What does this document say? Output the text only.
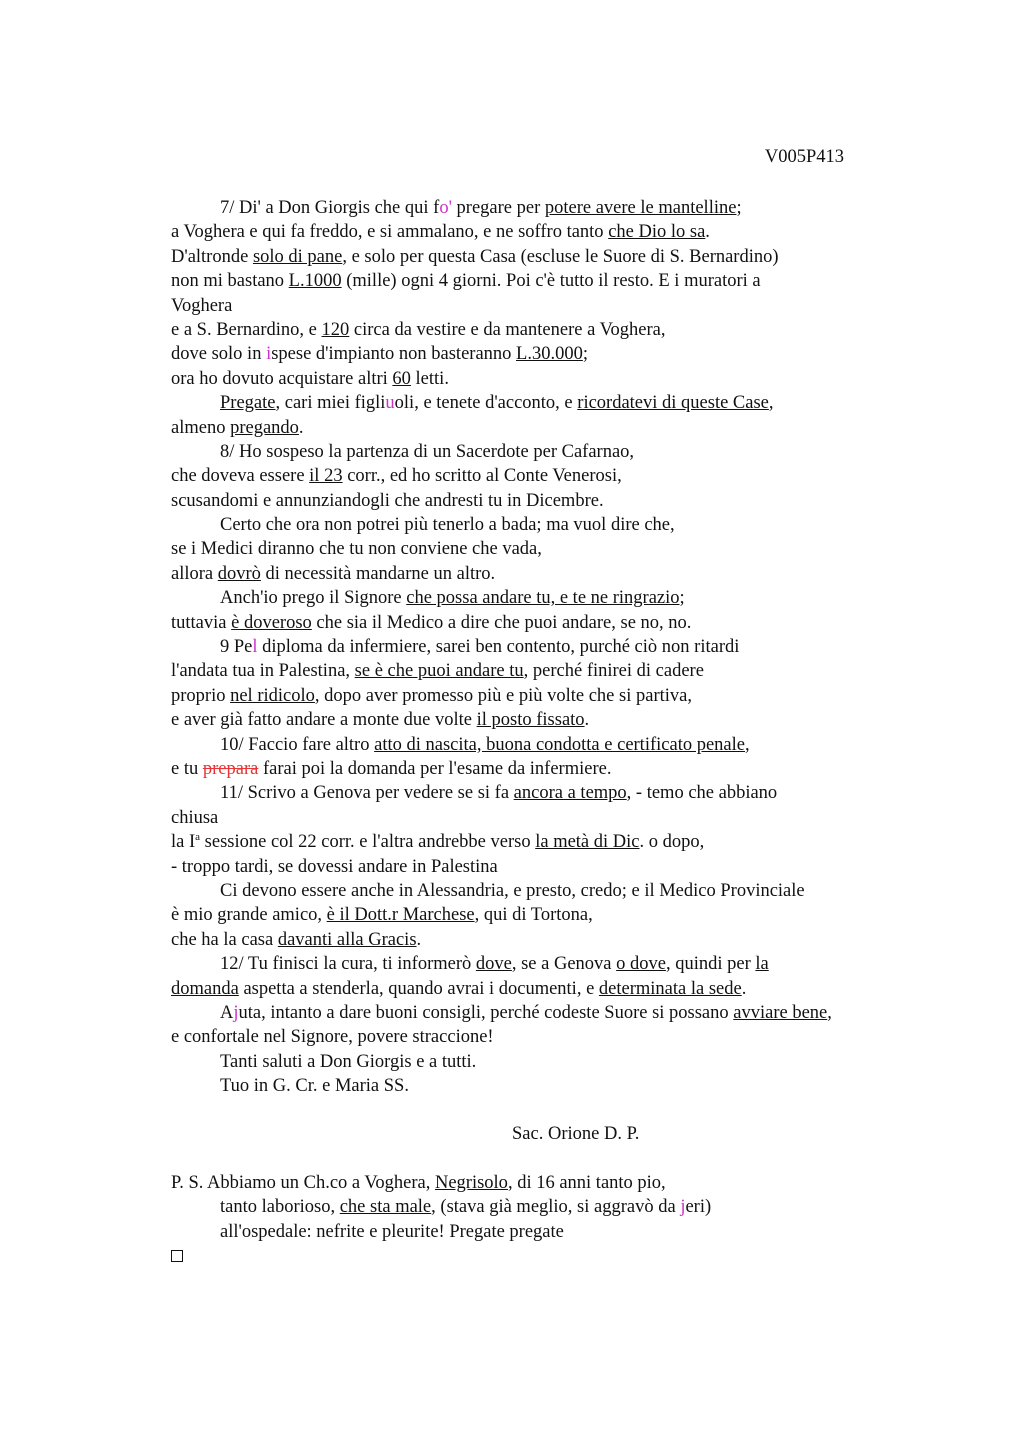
V005P413
7/ Di' a Don Giorgis che qui fo' pregare per potere avere le mantelline;
a Voghera e qui fa freddo, e si ammalano, e ne soffro tanto che Dio lo sa.
D'altronde solo di pane, e solo per questa Casa (escluse le Suore di S. Bernardino)
non mi bastano L.1000 (mille) ogni 4 giorni. Poi c'è tutto il resto. E i muratori a
Voghera
e a S. Bernardino, e 120 circa da vestire e da mantenere a Voghera,
dove solo in ispese d'impianto non basteranno L.30.000;
ora ho dovuto acquistare altri 60 letti.
Pregate, cari miei figliuoli, e tenete d'acconto, e ricordatevi di queste Case,
almeno pregando.
8/ Ho sospeso la partenza di un Sacerdote per Cafarnao,
che doveva essere il 23 corr., ed ho scritto al Conte Venerosi,
scusandomi e annunziandogli che andresti tu in Dicembre.
Certo che ora non potrei più tenerlo a bada; ma vuol dire che,
se i Medici diranno che tu non conviene che vada,
allora dovrò di necessità mandarne un altro.
Anch'io prego il Signore che possa andare tu, e te ne ringrazio;
tuttavia è doveroso che sia il Medico a dire che puoi andare, se no, no.
9 Pel diploma da infermiere, sarei ben contento, purché ciò non ritardi
l'andata tua in Palestina, se è che puoi andare tu, perché finirei di cadere
proprio nel ridicolo, dopo aver promesso più e più volte che si partiva,
e aver già fatto andare a monte due volte il posto fissato.
10/ Faccio fare altro atto di nascita, buona condotta e certificato penale,
e tu prepara farai poi la domanda per l'esame da infermiere.
11/ Scrivo a Genova per vedere se si fa ancora a tempo, - temo che abbiano
chiusa
la $I^a$ sessione col 22 corr. e l'altra andrebbe verso la metà di Dic. o dopo,
- troppo tardi, se dovessi andare in Palestina
Ci devono essere anche in Alessandria, e presto, credo; e il Medico Provinciale
è mio grande amico, è il Dott.r Marchese, qui di Tortona,
che ha la casa davanti alla Gracis.
12/ Tu finisci la cura, ti informerò dove, se a Genova o dove, quindi per la
domanda aspetta a stenderla, quando avrai i documenti, e determinata la sede.
Ajuta, intanto a dare buoni consigli, perché codeste Suore si possano avviare bene,
e confortale nel Signore, povere straccione!
Tanti saluti a Don Giorgis e a tutti.
Tuo in G. Cr. e Maria SS.
Sac. Orione D. P.
P. S. Abbiamo un Ch.co a Voghera, Negrisolo, di 16 anni tanto pio,
tanto laborioso, che sta male, (stava già meglio, si aggravò da jeri)
all'ospedale: nefrite e pleurite! Pregate pregate
